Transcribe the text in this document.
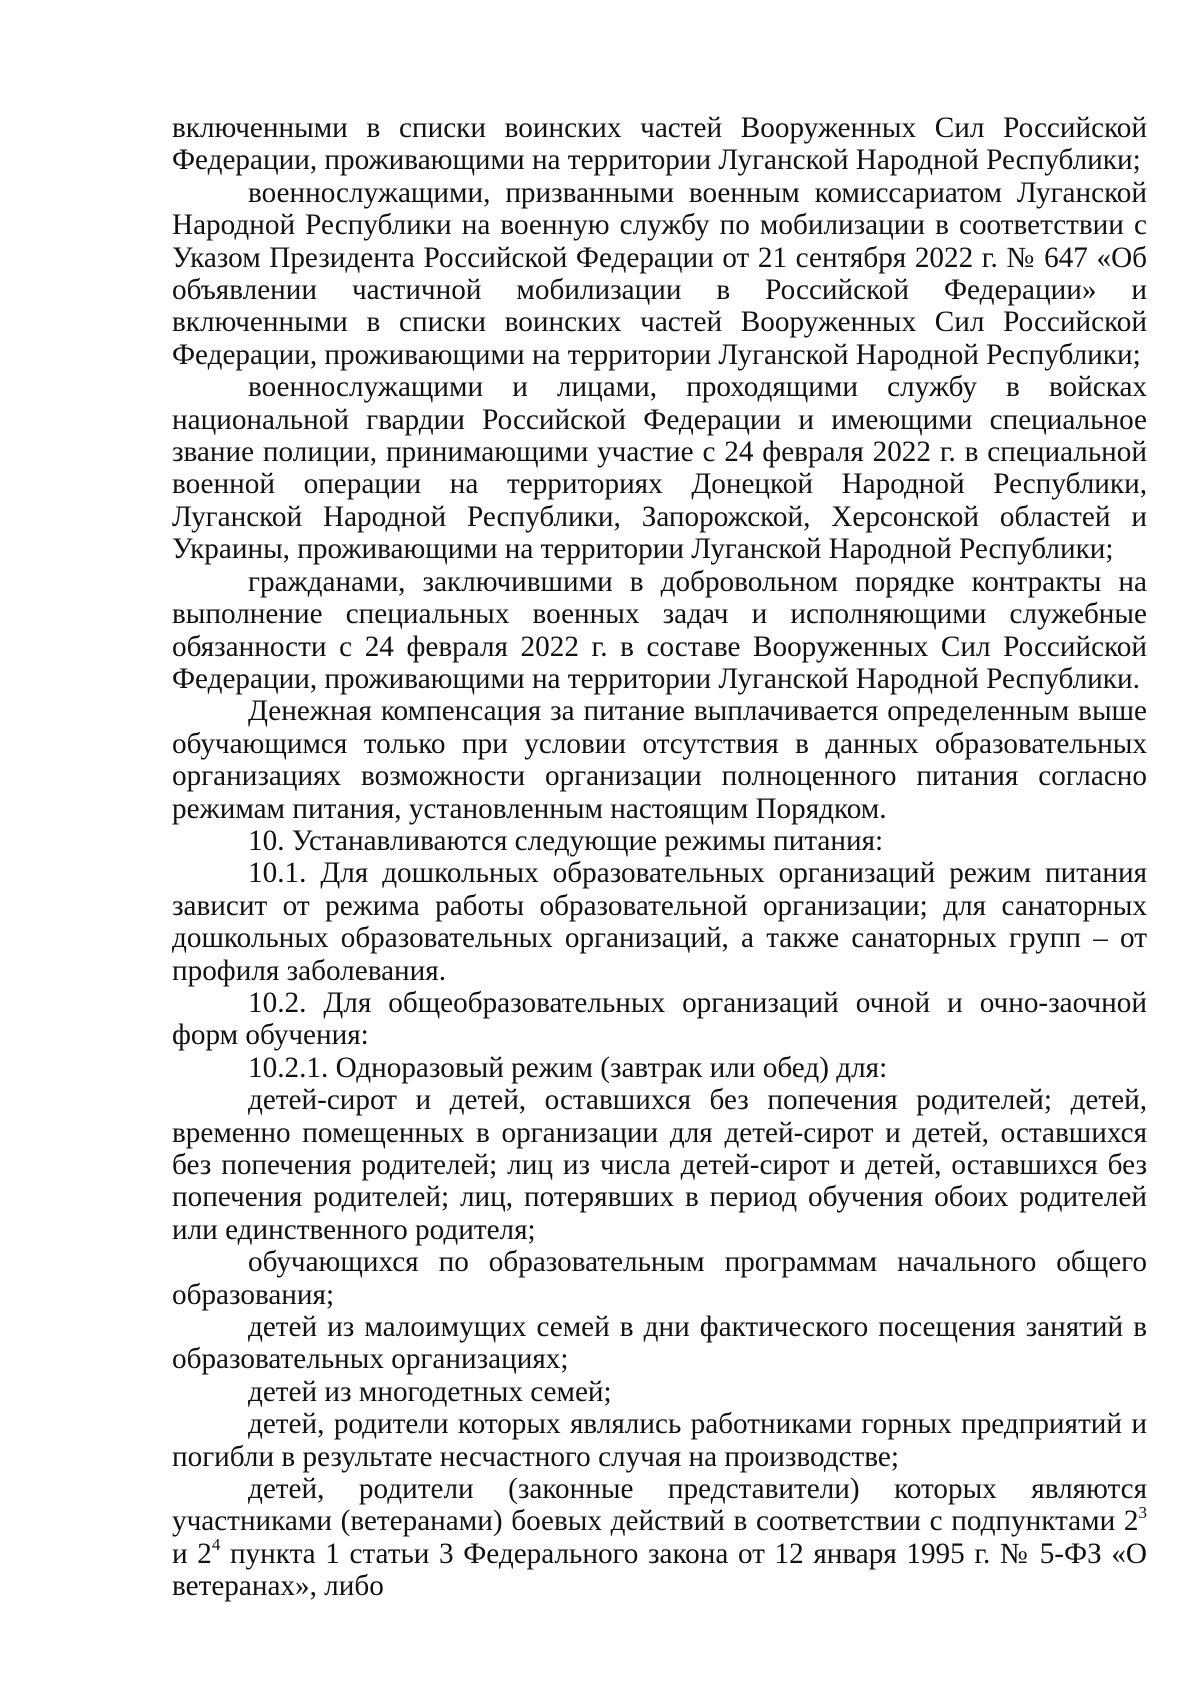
включенными в списки воинских частей Вооруженных Сил Российской Федерации, проживающими на территории Луганской Народной Республики;

военнослужащими, призванными военным комиссариатом Луганской Народной Республики на военную службу по мобилизации в соответствии с Указом Президента Российской Федерации от 21 сентября 2022 г. № 647 «Об объявлении частичной мобилизации в Российской Федерации» и включенными в списки воинских частей Вооруженных Сил Российской Федерации, проживающими на территории Луганской Народной Республики;

военнослужащими и лицами, проходящими службу в войсках национальной гвардии Российской Федерации и имеющими специальное звание полиции, принимающими участие с 24 февраля 2022 г. в специальной военной операции на территориях Донецкой Народной Республики, Луганской Народной Республики, Запорожской, Херсонской областей и Украины, проживающими на территории Луганской Народной Республики;

гражданами, заключившими в добровольном порядке контракты на выполнение специальных военных задач и исполняющими служебные обязанности с 24 февраля 2022 г. в составе Вооруженных Сил Российской Федерации, проживающими на территории Луганской Народной Республики.

Денежная компенсация за питание выплачивается определенным выше обучающимся только при условии отсутствия в данных образовательных организациях возможности организации полноценного питания согласно режимам питания, установленным настоящим Порядком.

10. Устанавливаются следующие режимы питания:

10.1. Для дошкольных образовательных организаций режим питания зависит от режима работы образовательной организации; для санаторных дошкольных образовательных организаций, а также санаторных групп – от профиля заболевания.

10.2. Для общеобразовательных организаций очной и очно-заочной форм обучения:

10.2.1. Одноразовый режим (завтрак или обед) для:

детей-сирот и детей, оставшихся без попечения родителей; детей, временно помещенных в организации для детей-сирот и детей, оставшихся без попечения родителей; лиц из числа детей-сирот и детей, оставшихся без попечения родителей; лиц, потерявших в период обучения обоих родителей или единственного родителя;

обучающихся по образовательным программам начального общего образования;

детей из малоимущих семей в дни фактического посещения занятий в образовательных организациях;

детей из многодетных семей;

детей, родители которых являлись работниками горных предприятий и погибли в результате несчастного случая на производстве;

детей, родители (законные представители) которых являются участниками (ветеранами) боевых действий в соответствии с подпунктами $2^3$ и $2^4$ пункта 1 статьи 3 Федерального закона от 12 января 1995 г. № 5-ФЗ «О ветеранах», либо
